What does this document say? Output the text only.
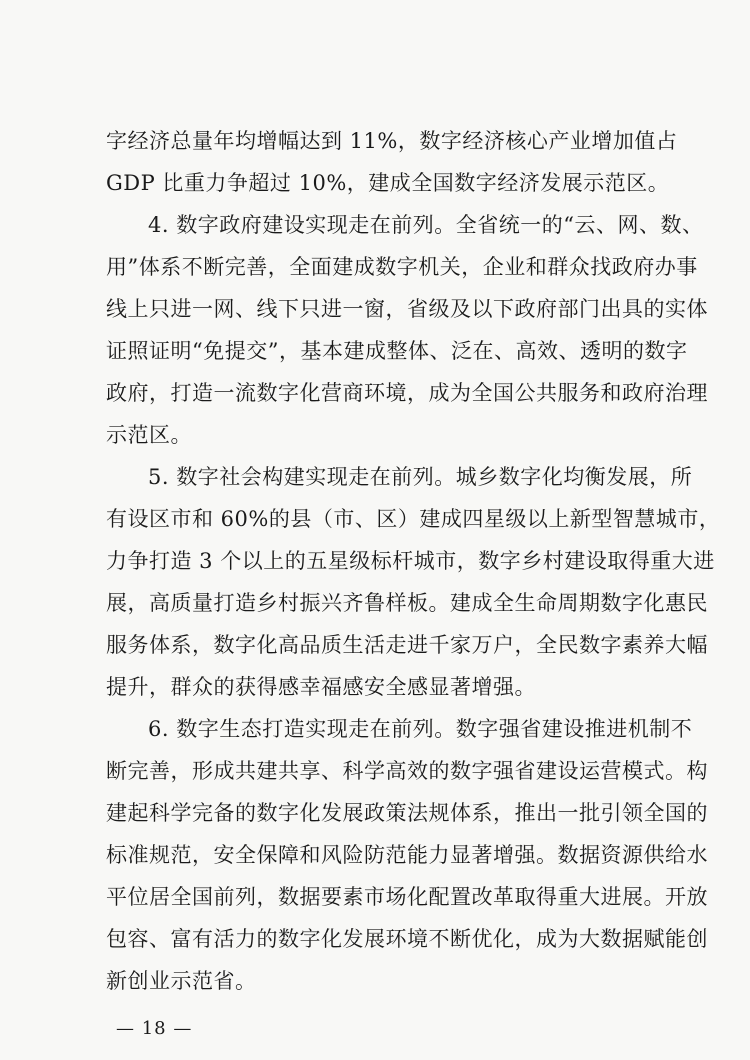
字经济总量年均增幅达到 11%，数字经济核心产业增加值占
GDP 比重力争超过 10%，建成全国数字经济发展示范区。
4. 数字政府建设实现走在前列。全省统一的“云、网、数、
用”体系不断完善，全面建成数字机关，企业和群众找政府办事
线上只进一网、线下只进一窗，省级及以下政府部门出具的实体
证照证明“免提交”，基本建成整体、泛在、高效、透明的数字
政府，打造一流数字化营商环境，成为全国公共服务和政府治理
示范区。
5. 数字社会构建实现走在前列。城乡数字化均衡发展，所
有设区市和 60%的县（市、区）建成四星级以上新型智慧城市，
力争打造 3 个以上的五星级标杆城市，数字乡村建设取得重大进
展，高质量打造乡村振兴齐鲁样板。建成全生命周期数字化惠民
服务体系，数字化高品质生活走进千家万户，全民数字素养大幅
提升，群众的获得感幸福感安全感显著增强。
6. 数字生态打造实现走在前列。数字强省建设推进机制不
断完善，形成共建共享、科学高效的数字强省建设运营模式。构
建起科学完备的数字化发展政策法规体系，推出一批引领全国的
标准规范，安全保障和风险防范能力显著增强。数据资源供给水
平位居全国前列，数据要素市场化配置改革取得重大进展。开放
包容、富有活力的数字化发展环境不断优化，成为大数据赋能创
新创业示范省。
— 18 —
